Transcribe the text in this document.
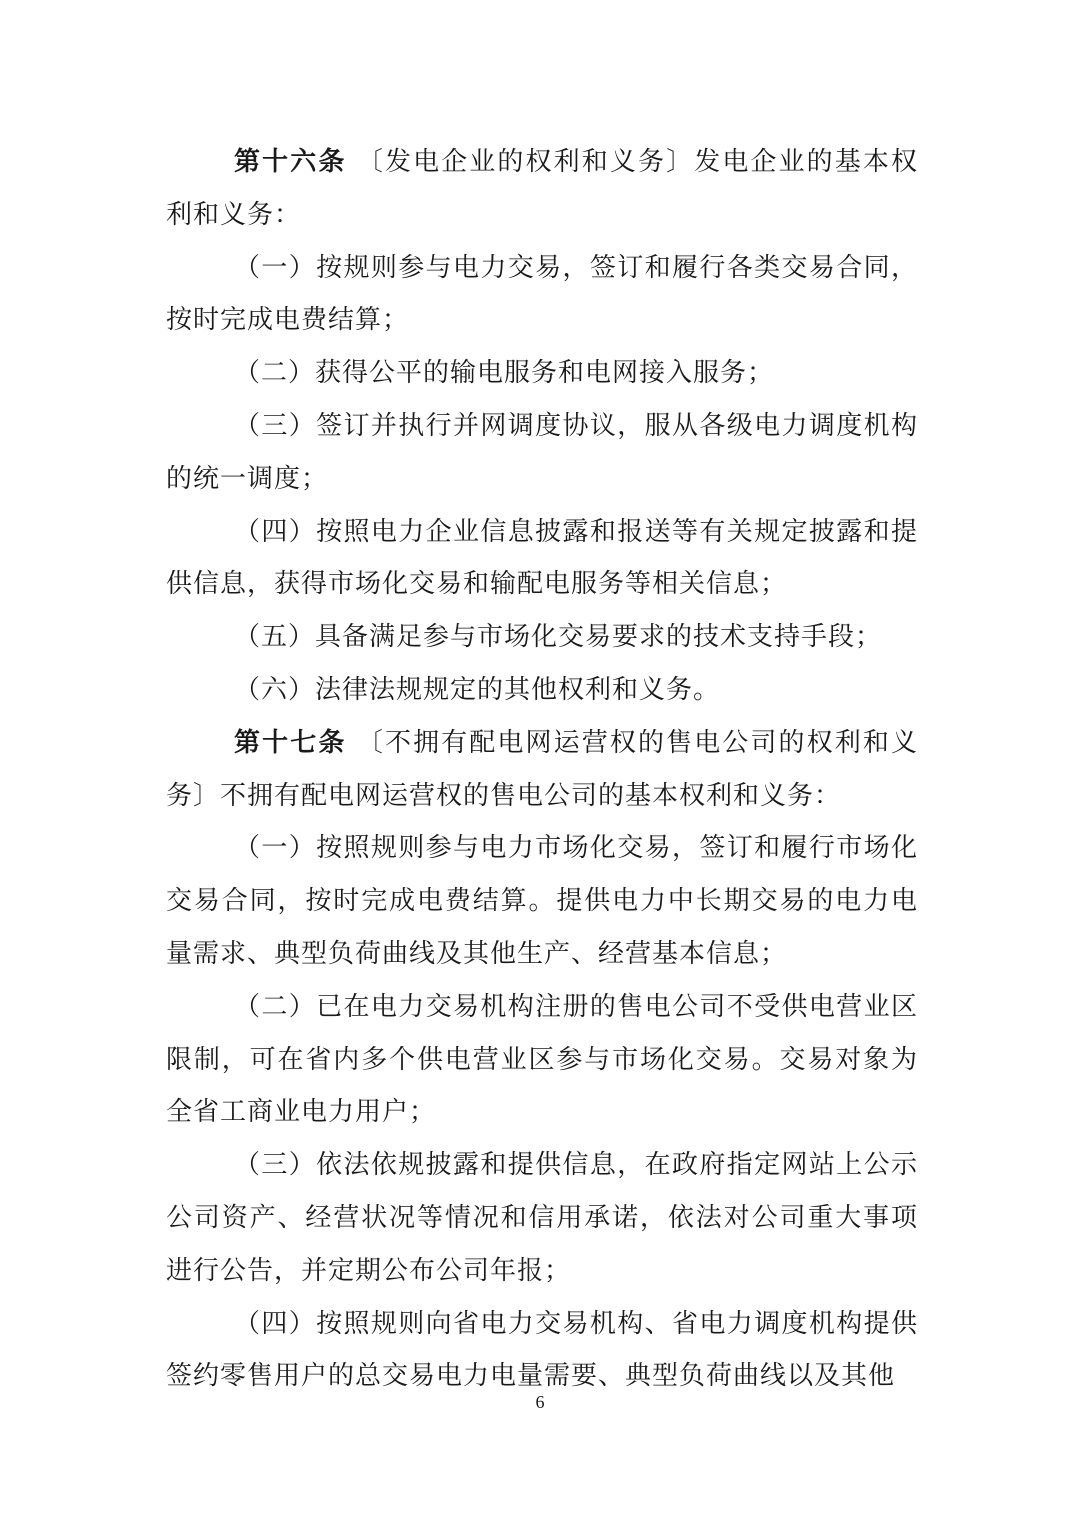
第十六条 〔发电企业的权利和义务〕发电企业的基本权利和义务：

（一）按规则参与电力交易，签订和履行各类交易合同，按时完成电费结算；

（二）获得公平的输电服务和电网接入服务；

（三）签订并执行并网调度协议，服从各级电力调度机构的统一调度；

（四）按照电力企业信息披露和报送等有关规定披露和提供信息，获得市场化交易和输配电服务等相关信息；

（五）具备满足参与市场化交易要求的技术支持手段；

（六）法律法规规定的其他权利和义务。

第十七条 〔不拥有配电网运营权的售电公司的权利和义务〕不拥有配电网运营权的售电公司的基本权利和义务：

（一）按照规则参与电力市场化交易，签订和履行市场化交易合同，按时完成电费结算。提供电力中长期交易的电力电量需求、典型负荷曲线及其他生产、经营基本信息；

（二）已在电力交易机构注册的售电公司不受供电营业区限制，可在省内多个供电营业区参与市场化交易。交易对象为全省工商业电力用户；

（三）依法依规披露和提供信息，在政府指定网站上公示公司资产、经营状况等情况和信用承诺，依法对公司重大事项进行公告，并定期公布公司年报；

（四）按照规则向省电力交易机构、省电力调度机构提供签约零售用户的总交易电力电量需要、典型负荷曲线以及其他

6
